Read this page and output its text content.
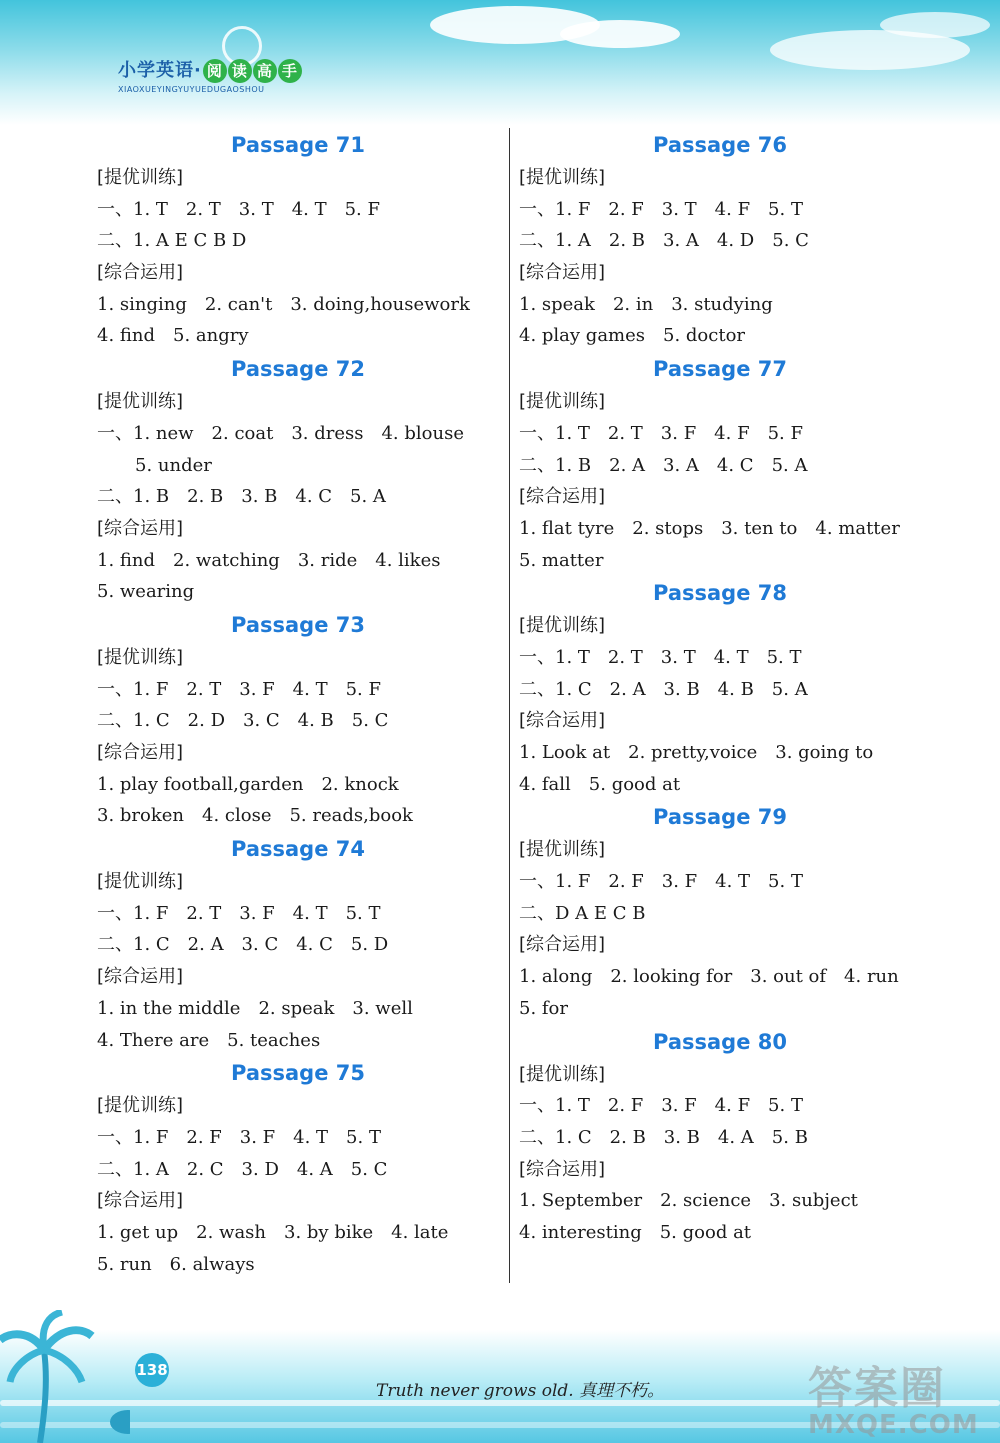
小学英语· 阅 读 高 手
XIAOXUEYINGYUYUEDUGAOSHOU
Passage 71
[提优训练]
一、1. T　2. T　3. T　4. T　5. F
二、1. A E C B D
[综合运用]
1. singing　2. can't　3. doing,housework
4. find　5. angry
Passage 72
[提优训练]
一、1. new　2. coat　3. dress　4. blouse
5. under
二、1. B　2. B　3. B　4. C　5. A
[综合运用]
1. find　2. watching　3. ride　4. likes
5. wearing
Passage 73
[提优训练]
一、1. F　2. T　3. F　4. T　5. F
二、1. C　2. D　3. C　4. B　5. C
[综合运用]
1. play football,garden　2. knock
3. broken　4. close　5. reads,book
Passage 74
[提优训练]
一、1. F　2. T　3. F　4. T　5. T
二、1. C　2. A　3. C　4. C　5. D
[综合运用]
1. in the middle　2. speak　3. well
4. There are　5. teaches
Passage 75
[提优训练]
一、1. F　2. F　3. F　4. T　5. T
二、1. A　2. C　3. D　4. A　5. C
[综合运用]
1. get up　2. wash　3. by bike　4. late
5. run　6. always
Passage 76
[提优训练]
一、1. F　2. F　3. T　4. F　5. T
二、1. A　2. B　3. A　4. D　5. C
[综合运用]
1. speak　2. in　3. studying
4. play games　5. doctor
Passage 77
[提优训练]
一、1. T　2. T　3. F　4. F　5. F
二、1. B　2. A　3. A　4. C　5. A
[综合运用]
1. flat tyre　2. stops　3. ten to　4. matter
5. matter
Passage 78
[提优训练]
一、1. T　2. T　3. T　4. T　5. T
二、1. C　2. A　3. B　4. B　5. A
[综合运用]
1. Look at　2. pretty,voice　3. going to
4. fall　5. good at
Passage 79
[提优训练]
一、1. F　2. F　3. F　4. T　5. T
二、D A E C B
[综合运用]
1. along　2. looking for　3. out of　4. run
5. for
Passage 80
[提优训练]
一、1. T　2. F　3. F　4. F　5. T
二、1. C　2. B　3. B　4. A　5. B
[综合运用]
1. September　2. science　3. subject
4. interesting　5. good at
138
Truth never grows old. 真理不朽。	答案圈
MXQE.COM
